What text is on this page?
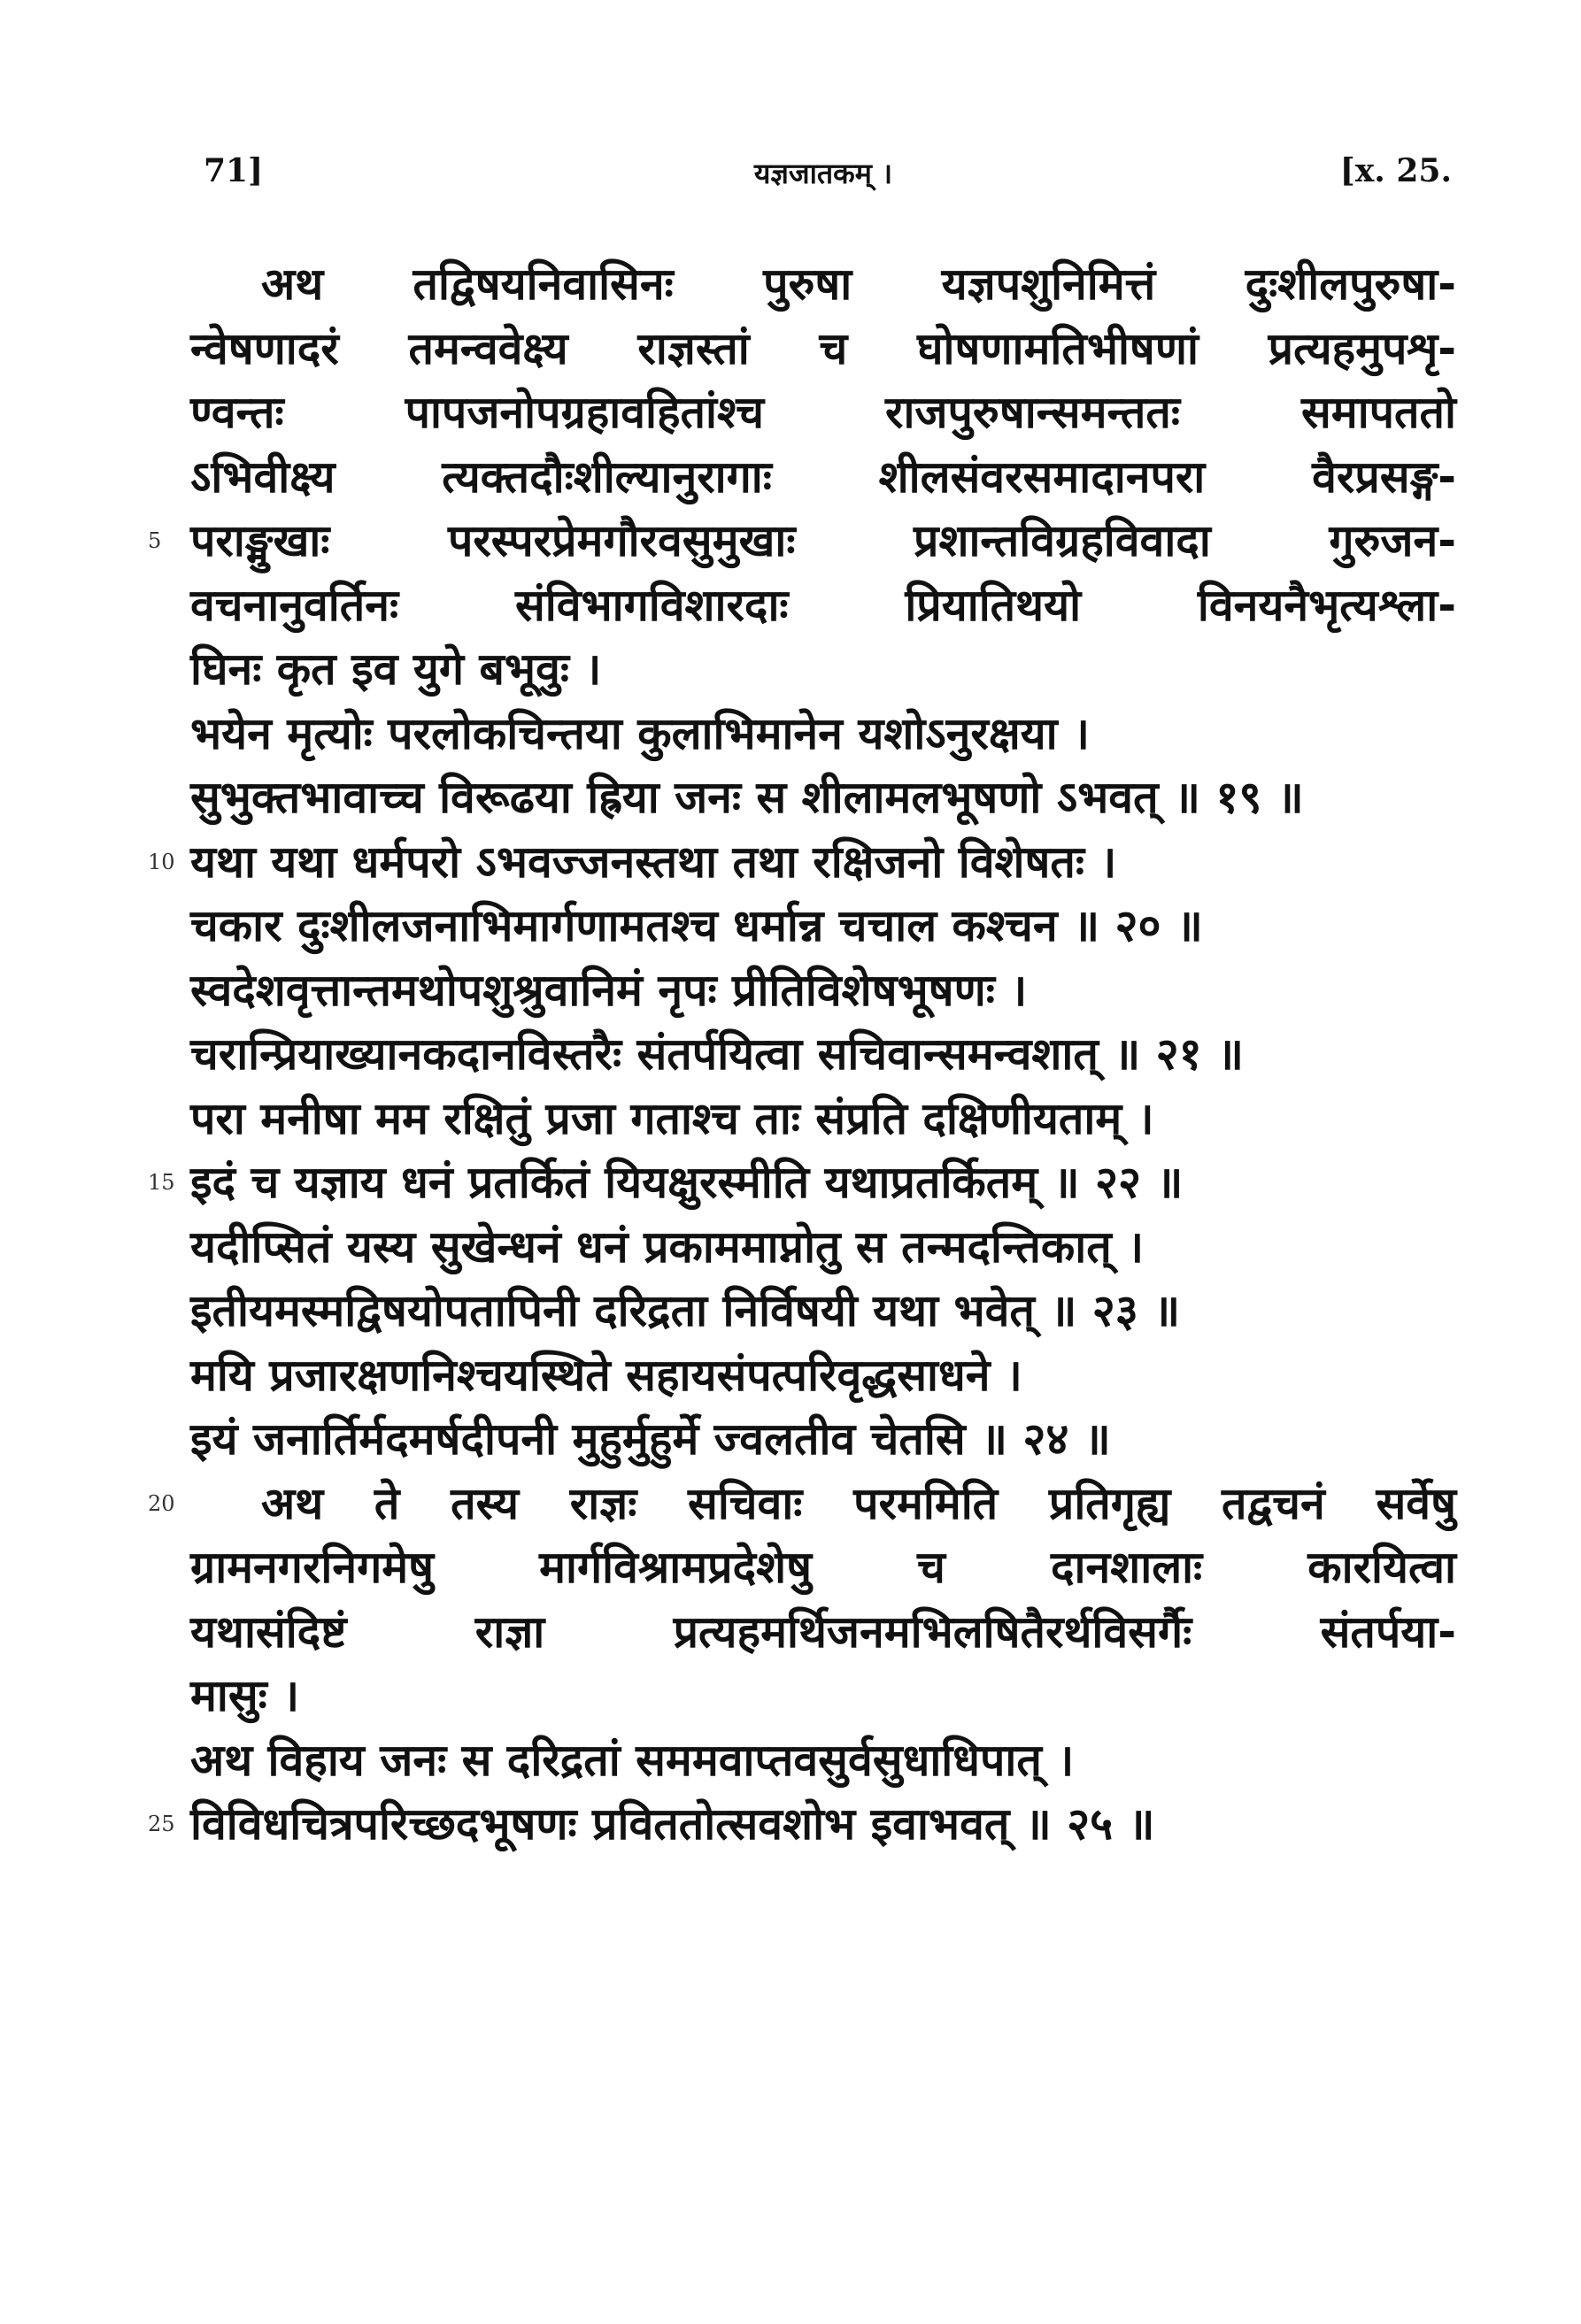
71]	यज्ञजातकम् ।	[x. 25.
अथ तद्विषयनिवासिनः पुरुषा यज्ञपशुनिमित्तं दुःशीलपुरुषा-
न्वेषणादरं तमन्ववेक्ष्य राज्ञस्तां च घोषणामतिभीषणां प्रत्यहमुपशृ-
ण्वन्तः पापजनोपग्रहावहितांश्च राजपुरुषान्समन्ततः समापततो
ऽभिवीक्ष्य त्यक्तदौःशील्यानुरागाः शीलसंवरसमादानपरा वैरप्रसङ्ग-
5 पराङ्मुखाः परस्परप्रेमगौरवसुमुखाः प्रशान्तविग्रहविवादा गुरुजन-
वचनानुवर्तिनः संविभागविशारदाः प्रियातिथयो विनयनैभृत्यश्ला-
घिनः कृत इव युगे बभूवुः ।
भयेन मृत्योः परलोकचिन्तया कुलाभिमानेन यशोऽनुरक्षया ।
सुभुक्तभावाच्च विरूढया ह्रिया जनः स शीलामलभूषणो ऽभवत् ॥ १९ ॥
10 यथा यथा धर्मपरो ऽभवज्जनस्तथा तथा रक्षिजनो विशेषतः ।
चकार दुःशीलजनाभिमार्गणामतश्च धर्मान्न चचाल कश्चन ॥ २० ॥
स्वदेशवृत्तान्तमथोपशुश्रुवानिमं नृपः प्रीतिविशेषभूषणः ।
चरान्प्रियाख्यानकदानविस्तरैः संतर्पयित्वा सचिवान्समन्वशात् ॥ २१ ॥
परा मनीषा मम रक्षितुं प्रजा गताश्च ताः संप्रति दक्षिणीयताम् ।
15 इदं च यज्ञाय धनं प्रतर्कितं यियक्षुरस्मीति यथाप्रतर्कितम् ॥ २२ ॥
यदीप्सितं यस्य सुखेन्धनं धनं प्रकाममाप्नोतु स तन्मदन्तिकात् ।
इतीयमस्मद्विषयोपतापिनी दरिद्रता निर्विषयी यथा भवेत् ॥ २३ ॥
मयि प्रजारक्षणनिश्चयस्थिते सहायसंपत्परिवृद्धसाधने ।
इयं जनार्तिर्मदमर्षदीपनी मुहुर्मुहुर्मे ज्वलतीव चेतसि ॥ २४ ॥
20	अथ ते तस्य राज्ञः सचिवाः परममिति प्रतिगृह्य तद्वचनं सर्वेषु
ग्रामनगरनिगमेषु मार्गविश्रामप्रदेशेषु च दानशालाः कारयित्वा
यथासंदिष्टं राज्ञा प्रत्यहमर्थिजनमभिलषितैरर्थविसर्गैः संतर्पया-
मासुः ।
अथ विहाय जनः स दरिद्रतां सममवाप्तवसुर्वसुधाधिपात् ।
25 विविधचित्रपरिच्छदभूषणः प्रविततोत्सवशोभ इवाभवत् ॥ २५ ॥
